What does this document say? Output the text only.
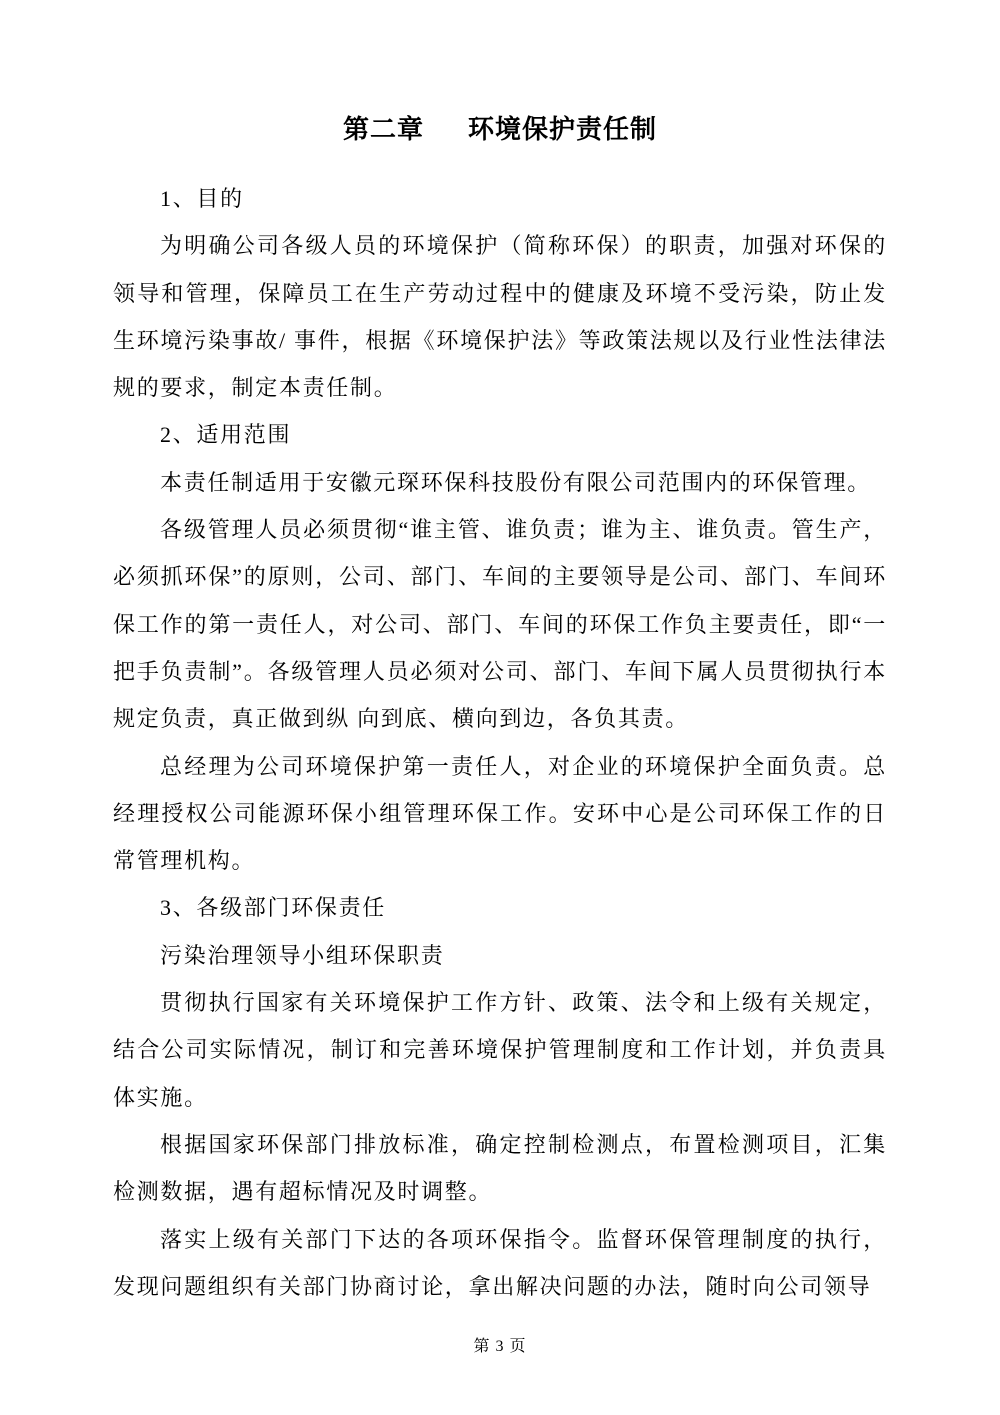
第二章 环境保护责任制

1、目的

为明确公司各级人员的环境保护（简称环保）的职责，加强对环保的领导和管理，保障员工在生产劳动过程中的健康及环境不受污染，防止发生环境污染事故/ 事件，根据《环境保护法》等政策法规以及行业性法律法规的要求，制定本责任制。

2、适用范围

本责任制适用于安徽元琛环保科技股份有限公司范围内的环保管理。

各级管理人员必须贯彻“谁主管、谁负责；谁为主、谁负责。管生产，必须抓环保”的原则，公司、部门、车间的主要领导是公司、部门、车间环保工作的第一责任人，对公司、部门、车间的环保工作负主要责任，即“一把手负责制”。各级管理人员必须对公司、部门、车间下属人员贯彻执行本规定负责，真正做到纵 向到底、横向到边，各负其责。

总经理为公司环境保护第一责任人，对企业的环境保护全面负责。总经理授权公司能源环保小组管理环保工作。安环中心是公司环保工作的日常管理机构。

3、各级部门环保责任

污染治理领导小组环保职责

贯彻执行国家有关环境保护工作方针、政策、法令和上级有关规定，结合公司实际情况，制订和完善环境保护管理制度和工作计划，并负责具体实施。

根据国家环保部门排放标准，确定控制检测点，布置检测项目，汇集检测数据，遇有超标情况及时调整。

落实上级有关部门下达的各项环保指令。监督环保管理制度的执行，发现问题组织有关部门协商讨论，拿出解决问题的办法，随时向公司领导

第 3 页
